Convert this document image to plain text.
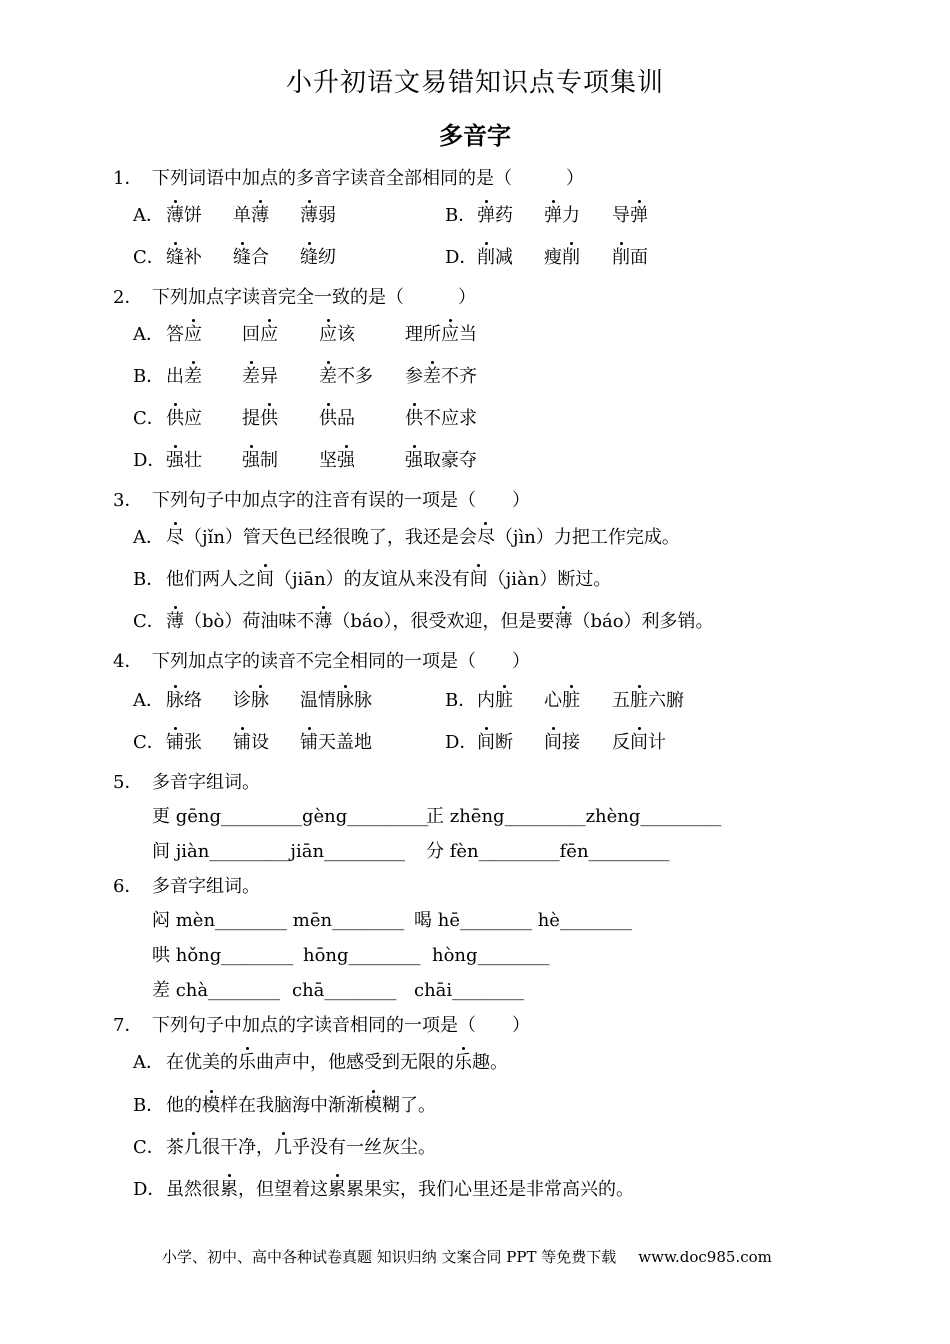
小升初语文易错知识点专项集训
多音字
1． 下列词语中加点的多音字读音全部相同的是（　　　）
A． 薄饼 单薄 薄弱	B． 弹药 弹力 导弹
C． 缝补 缝合 缝纫	D． 削减 瘦削 削面
2． 下列加点字读音完全一致的是（　　　）
A． 答应 回应 应该	理所应当
B． 出差 差异 差不多 参差不齐
C． 供应 提供 供品	供不应求
D． 强壮 强制 坚强	强取豪夺
3． 下列句子中加点字的注音有误的一项是（　　）
A． 尽（jǐn）管天色已经很晚了，我还是会尽（jìn）力把工作完成。
B． 他们两人之间（jiān）的友谊从来没有间（jiàn）断过。
C． 薄（bò）荷油味不薄（báo），很受欢迎，但是要薄（báo）利多销。
4． 下列加点字的读音不完全相同的一项是（　　）
A． 脉络 诊脉 温情脉脉	B． 内脏 心脏 五脏六腑
C． 铺张 铺设 铺天盖地	D． 间断 间接 反间计
5． 多音字组词。
更 gēng_________gèng_________
正 zhēng_________zhèng_________
间 jiàn_________jiān_________ 分 fèn_________fēn_________
6． 多音字组词。
闷 mèn________ mēn________ 喝 hē________ hè________
哄 hǒng________ hōng________ hòng________
差 chà________ chā________ chāi________
7． 下列句子中加点的字读音相同的一项是（　　）
A． 在优美的乐曲声中，他感受到无限的乐趣。
B． 他的模样在我脑海中渐渐模糊了。
C． 茶几很干净，几乎没有一丝灰尘。
D． 虽然很累，但望着这累累果实，我们心里还是非常高兴的。
小学、初中、高中各种试卷真题 知识归纳 文案合同 PPT 等免费下载 www.doc985.com
